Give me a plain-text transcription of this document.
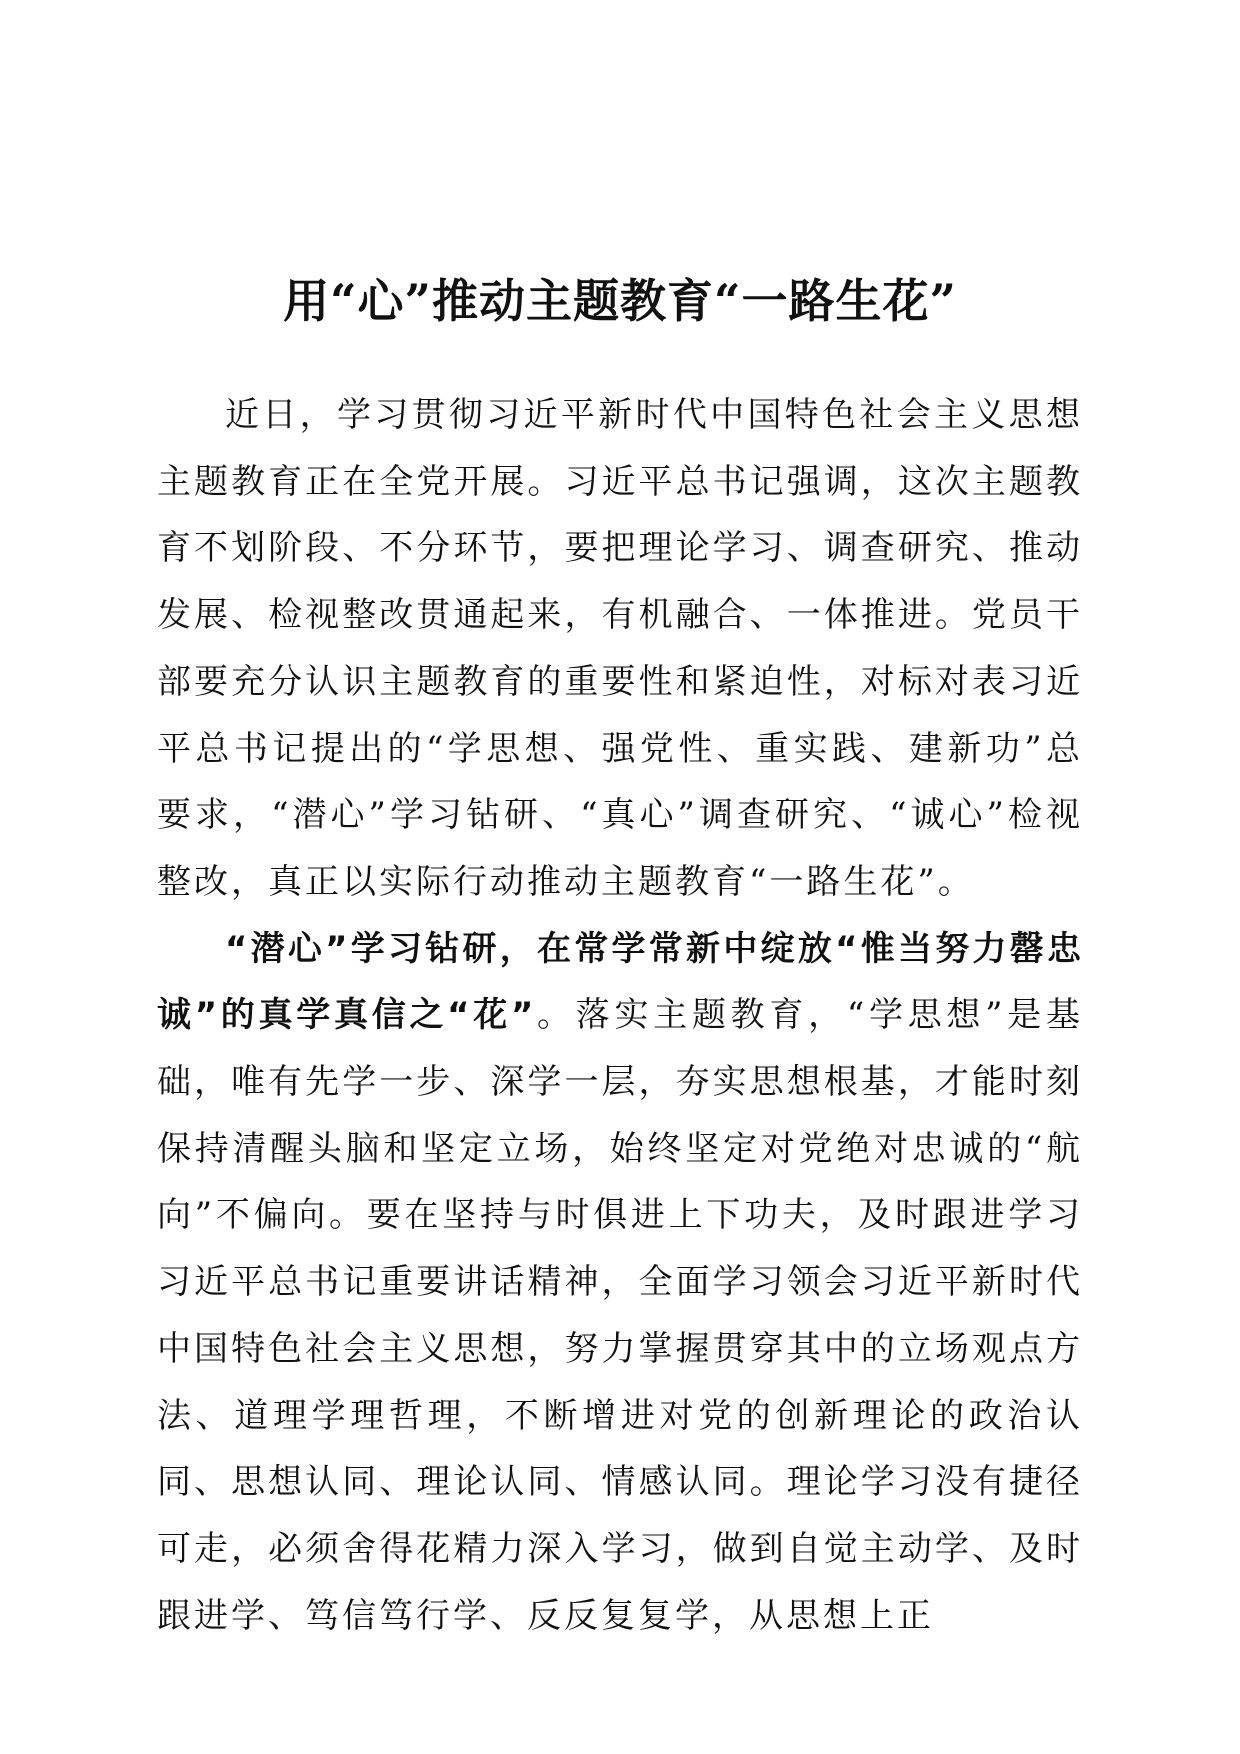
用“心”推动主题教育“一路生花”

近日，学习贯彻习近平新时代中国特色社会主义思想主题教育正在全党开展。习近平总书记强调，这次主题教育不划阶段、不分环节，要把理论学习、调查研究、推动发展、检视整改贯通起来，有机融合、一体推进。党员干部要充分认识主题教育的重要性和紧迫性，对标对表习近平总书记提出的“学思想、强党性、重实践、建新功”总要求，“潜心”学习钻研、“真心”调查研究、“诚心”检视整改，真正以实际行动推动主题教育“一路生花”。

“潜心”学习钻研，在常学常新中绽放“惟当努力罄忠诚”的真学真信之“花”。落实主题教育，“学思想”是基础，唯有先学一步、深学一层，夯实思想根基，才能时刻保持清醒头脑和坚定立场，始终坚定对党绝对忠诚的“航向”不偏向。要在坚持与时俱进上下功夫，及时跟进学习习近平总书记重要讲话精神，全面学习领会习近平新时代中国特色社会主义思想，努力掌握贯穿其中的立场观点方法、道理学理哲理，不断增进对党的创新理论的政治认同、思想认同、理论认同、情感认同。理论学习没有捷径可走，必须舍得花精力深入学习，做到自觉主动学、及时跟进学、笃信笃行学、反反复复学，从思想上正
